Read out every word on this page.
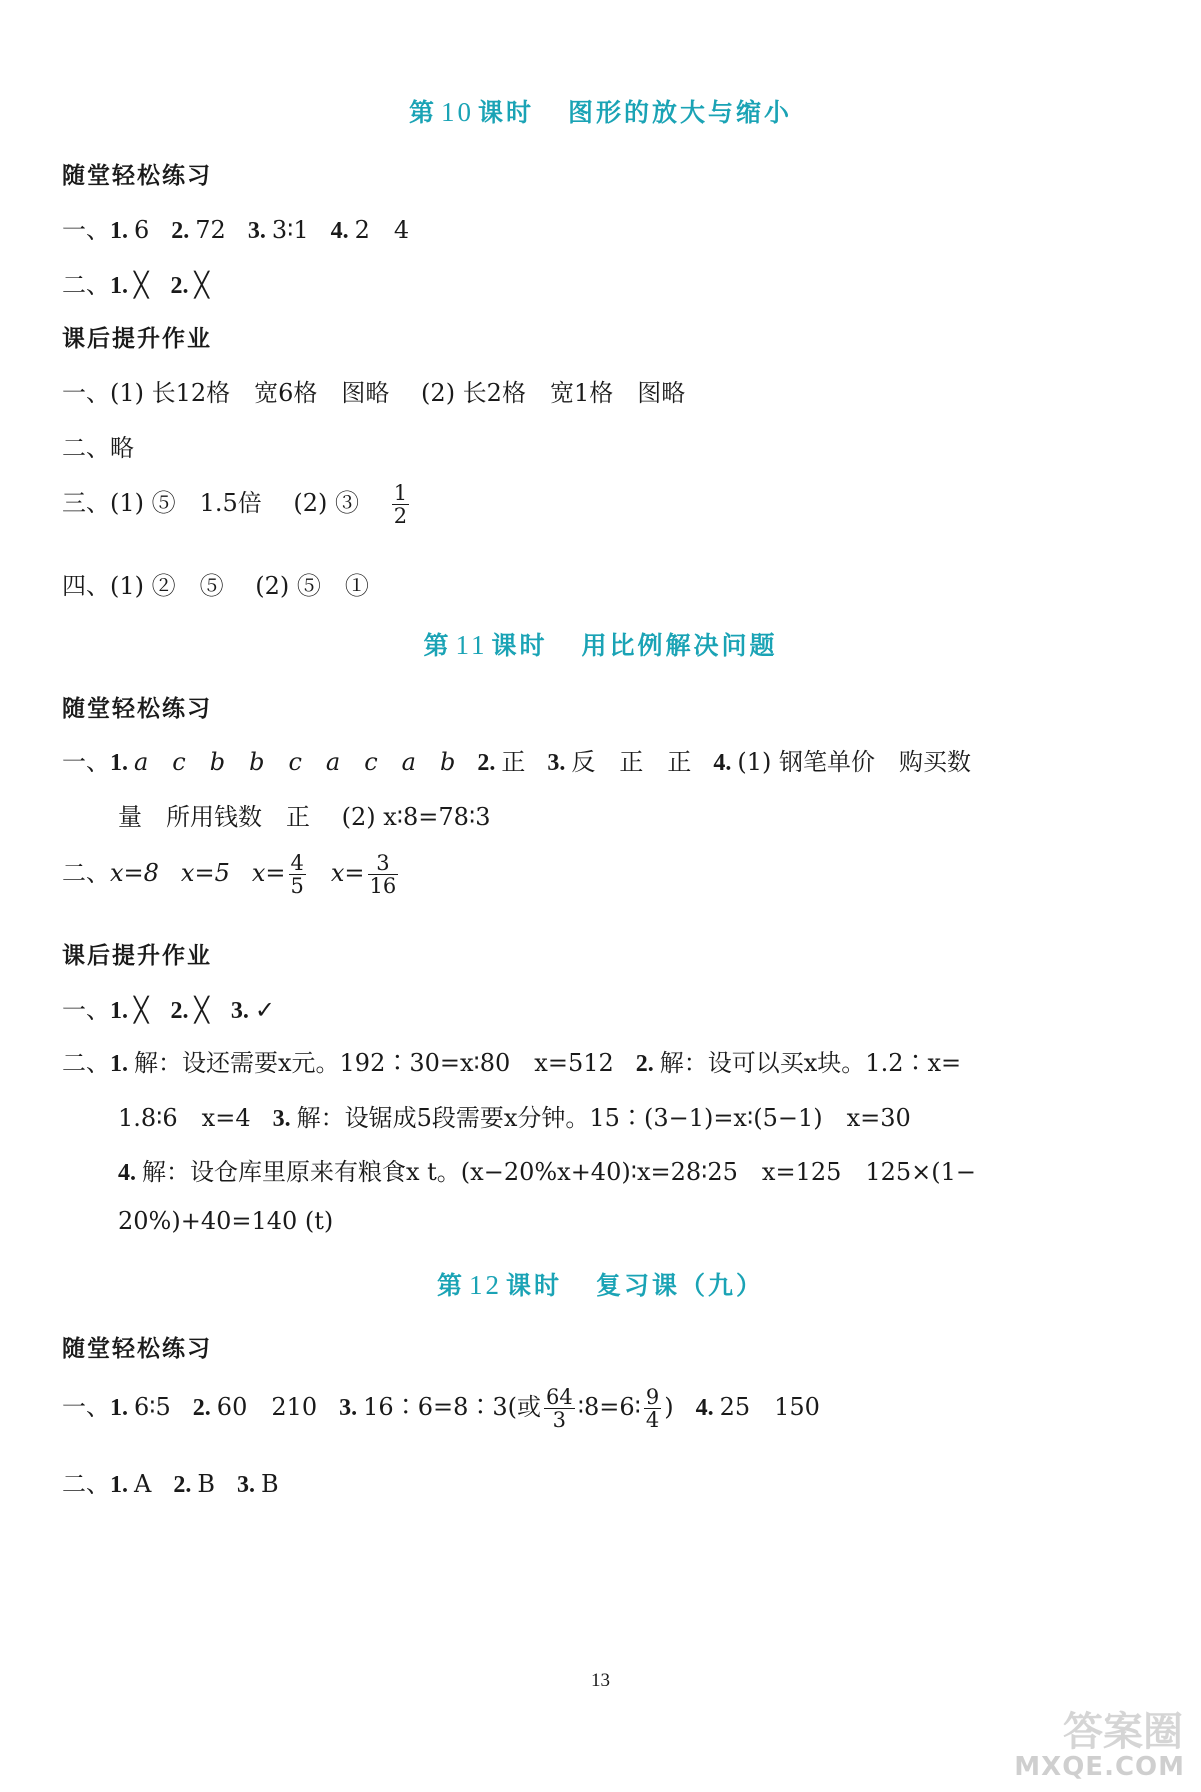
第 10 课时 图形的放大与缩小
随堂轻松练习
一、1. 6 2. 72 3. 3∶1 4. 2　4
二、1. ╳ 2. ╳
课后提升作业
一、(1) 长12格　宽6格　图略　 (2) 长2格　宽1格　图略
二、略
三、(1) ⑤　1.5倍　 (2) ③ $\frac{1}{2}$
四、(1) ②　⑤　 (2) ⑤　①
第 11 课时 用比例解决问题
随堂轻松练习
一、1. a　c　b　b　c　a　c　a　b 2. 正 3. 反　正　正 4. (1) 钢笔单价　购买数
量　所用钱数　正　 (2) x∶8=78∶3
二、x=8 x=5 $x= \frac{4}{5} x= \frac{3}{16}$
课后提升作业
一、1. ╳ 2. ╳ 3. ✓
二、1. 解：设还需要x元。192∶30=x∶80　x=512 2. 解：设可以买x块。1.2∶x=
1.8∶6　x=4 3. 解：设锯成5段需要x分钟。15∶(3−1)=x∶(5−1)　x=30
4. 解：设仓库里原来有粮食x t。(x−20%x+40)∶x=28∶25　x=125　125×(1−
20%)+40=140 (t)
第 12 课时 复习课（九）
随堂轻松练习
一、1. 6∶5 2. 60　210 3. 16∶6=8∶3(或 $\frac{64}{3}$ ∶8=6∶ $\frac{9}{4}$ ) 4. 25　150
二、1. A 2. B 3. B
13
答案圈
MXQE.COM
